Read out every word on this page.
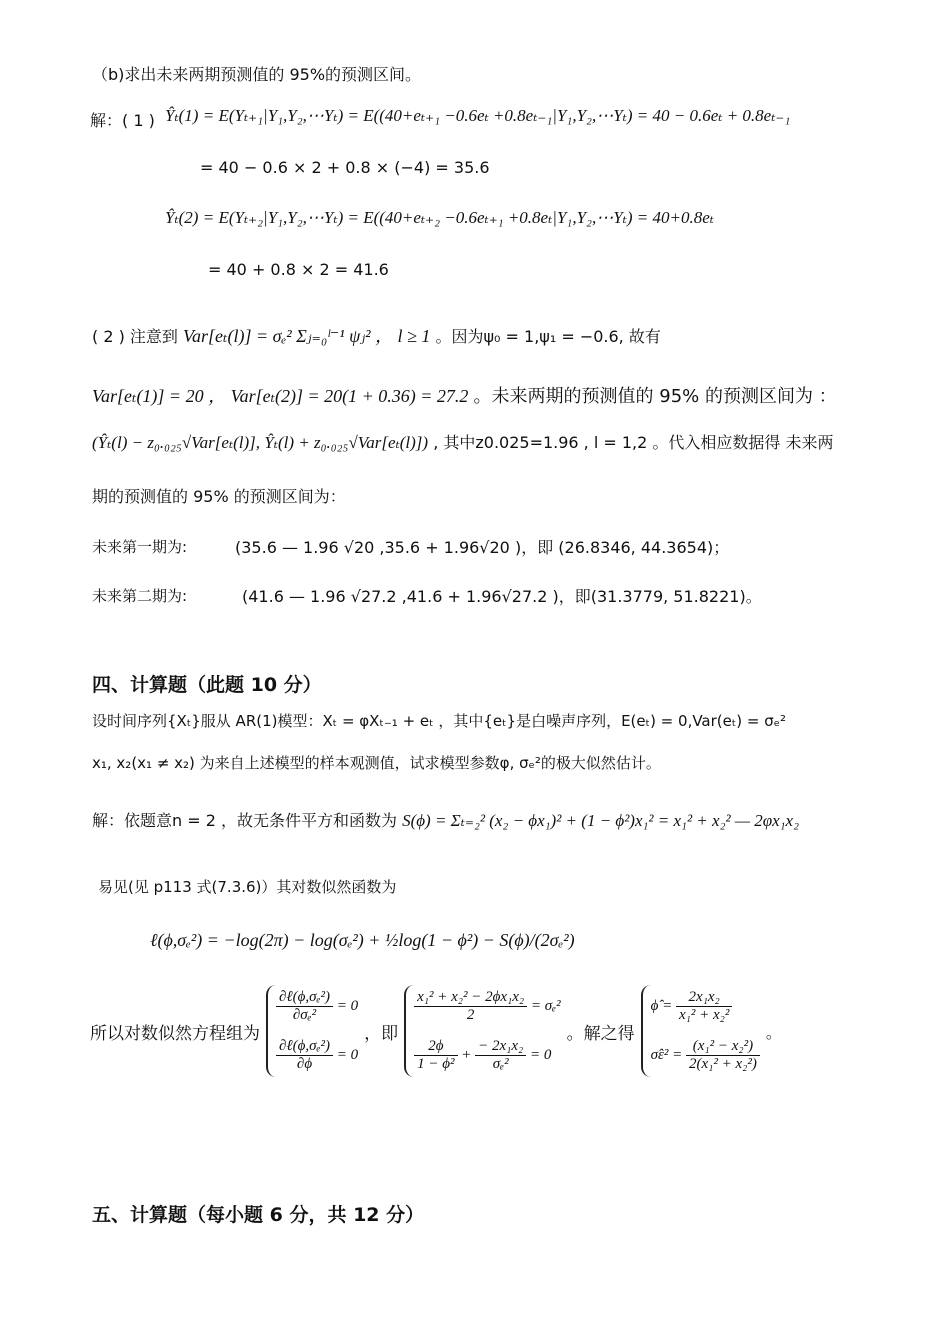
（b)求出未来两期预测值的 95%的预测区间。
解：( 1 ) Ŷₜ(1) = E(Yₜ₊₁|Y₁,Y₂,⋯Yₜ) = E((40+eₜ₊₁ −0.6eₜ +0.8eₜ₋₁|Y₁,Y₂,⋯Yₜ) = 40 − 0.6eₜ + 0.8eₜ₋₁
= 40 − 0.6 × 2 + 0.8 × (−4) = 35.6
Ŷₜ(2) = E(Yₜ₊₂|Y₁,Y₂,⋯Yₜ) = E((40+eₜ₊₂ −0.6eₜ₊₁ +0.8eₜ|Y₁,Y₂,⋯Yₜ) = 40+0.8eₜ
= 40 + 0.8 × 2 = 41.6
( 2 ) 注意到 Var[eₜ(l)] = σₑ² Σⱼ₌₀ˡ⁻¹ ψⱼ² ， l ≥ 1 。因为ψ₀ = 1,ψ₁ = −0.6, 故有
Var[eₜ(1)] = 20 ， Var[eₜ(2)] = 20(1 + 0.36) = 27.2 。未来两期的预测值的 95% 的预测区间为 ：
(Ŷₜ(l) − z₀.₀₂₅√Var[eₜ(l)], Ŷₜ(l) + z₀.₀₂₅√Var[eₜ(l)]) , 其中z0.025=1.96 , l = 1,2 。代入相应数据得 未来两
期的预测值的 95% 的预测区间为：
未来第一期为:	(35.6 — 1.96 √20 ,35.6 + 1.96√20 )，即 (26.8346, 44.3654)；
未来第二期为:	(41.6 — 1.96 √27.2 ,41.6 + 1.96√27.2 )，即(31.3779, 51.8221)。
四、计算题（此题 10 分）
设时间序列{Xₜ}服从 AR(1)模型：Xₜ = φXₜ₋₁ + eₜ ，其中{eₜ}是白噪声序列，E(eₜ) = 0,Var(eₜ) = σₑ²
x₁, x₂(x₁ ≠ x₂) 为来自上述模型的样本观测值，试求模型参数φ, σₑ²的极大似然估计。
解：依题意n = 2 ，故无条件平方和函数为 S(ϕ) = Σₜ₌₂² (x₂ − ϕx₁)² + (1 − ϕ²)x₁² = x₁² + x₂² — 2φx₁x₂
易见(见 p113 式(7.3.6)）其对数似然函数为
ℓ(ϕ,σₑ²) = −log(2π) − log(σₑ²) + ½log(1 − ϕ²) − S(ϕ)/(2σₑ²)
所以对数似然方程组为
$\frac{\text{∂ℓ(ϕ,σₑ²)}}{\text{∂σₑ²}} = 0$
$\frac{\text{∂ℓ(ϕ,σₑ²)}}{\partial\phi} = 0$
，即
$\frac{\text{x₁² + x₂² − 2ϕx₁x₂}}{2} = \sigma_e^2$
$\frac{2\phi}{\text{1 − ϕ²}} + \frac{\text{− 2x₁x₂}}{\text{σₑ²}} = 0$
。解之得
ϕ̂ = $\frac{\text{2x₁x₂}}{\text{x₁² + x₂²}}$
σ̂ε² = $\frac{\text{(x₁² − x₂²)}}{\text{2(x₁² + x₂²)}}$
。
五、计算题（每小题 6 分，共 12 分）
